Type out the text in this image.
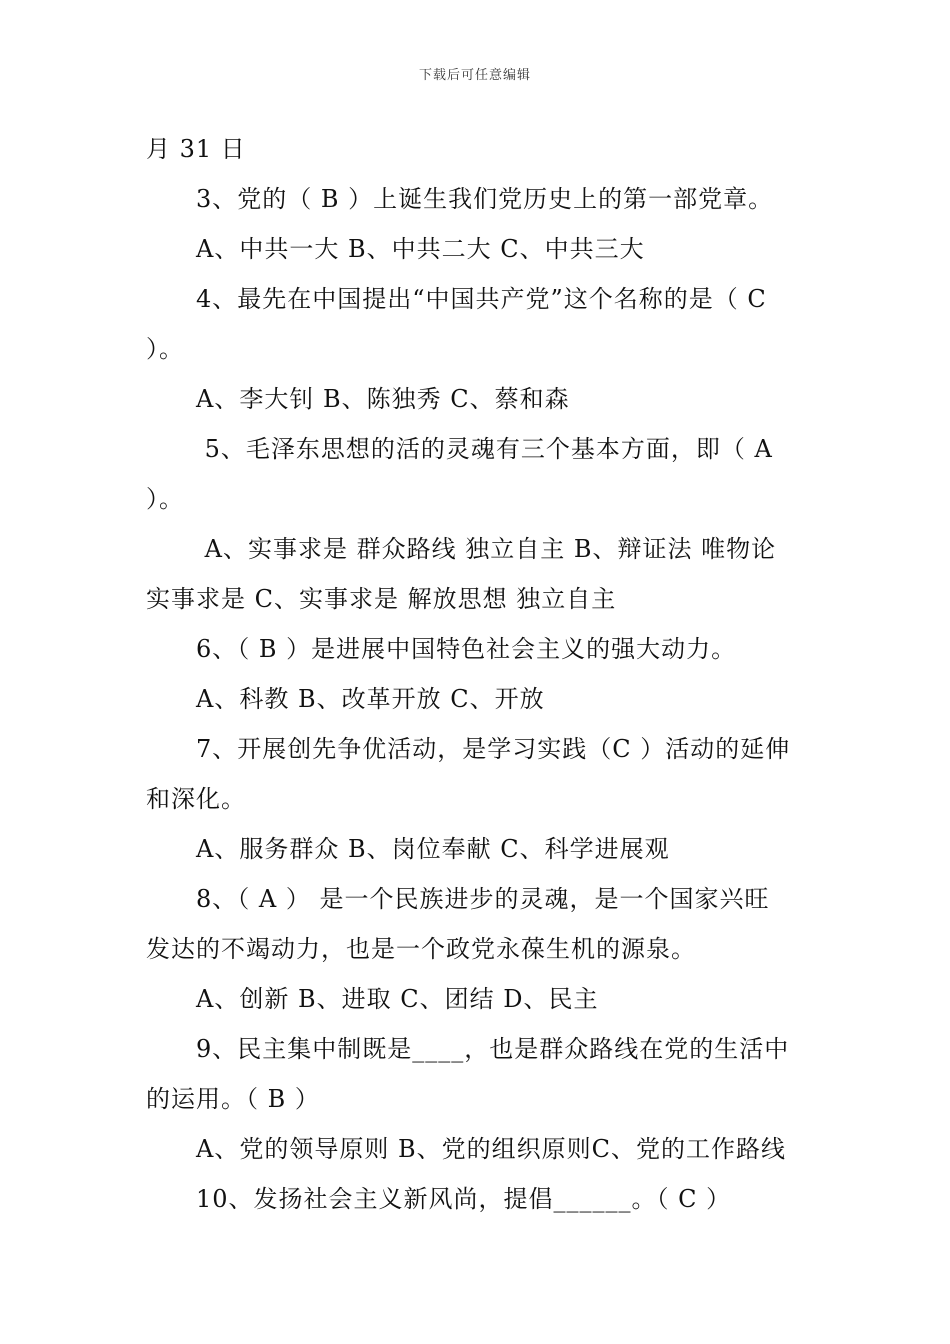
下载后可任意编辑
月 31 日
3、党的（ B ）上诞生我们党历史上的第一部党章。
A、中共一大 B、中共二大 C、中共三大
4、最先在中国提出“中国共产党”这个名称的是（ C
）。
A、李大钊 B、陈独秀 C、蔡和森
5、毛泽东思想的活的灵魂有三个基本方面，即（ A
）。
A、实事求是 群众路线 独立自主 B、辩证法 唯物论
实事求是 C、实事求是 解放思想 独立自主
6、（ B ）是进展中国特色社会主义的强大动力。
A、科教 B、改革开放 C、开放
7、开展创先争优活动，是学习实践（C ）活动的延伸
和深化。
A、服务群众 B、岗位奉献 C、科学进展观
8、（ A ） 是一个民族进步的灵魂，是一个国家兴旺
发达的不竭动力，也是一个政党永葆生机的源泉。
A、创新 B、进取 C、团结 D、民主
9、民主集中制既是____，也是群众路线在党的生活中
的运用。（ B ）
A、党的领导原则 B、党的组织原则C、党的工作路线
10、发扬社会主义新风尚，提倡______。（ C ）
